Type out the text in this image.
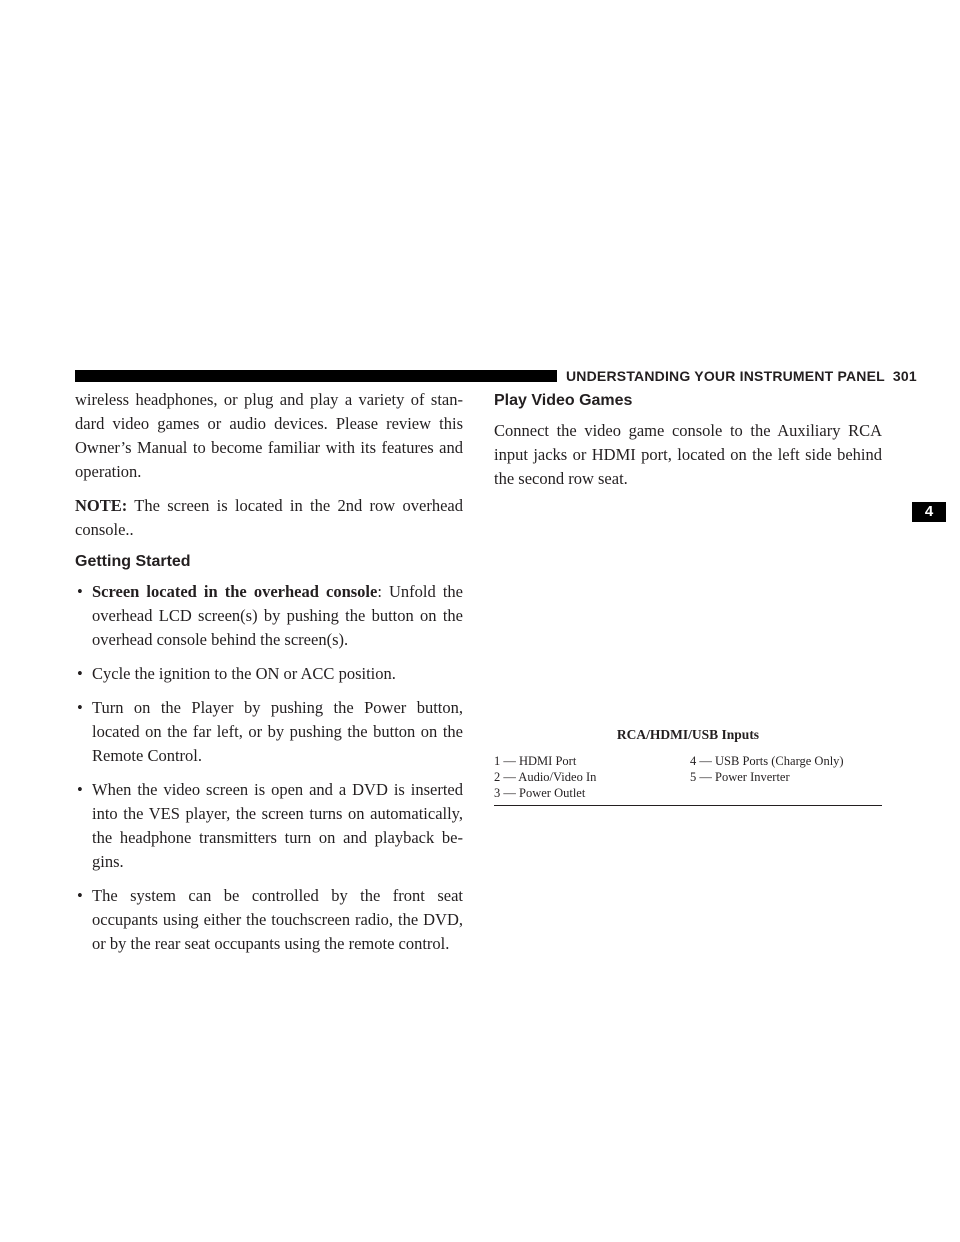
UNDERSTANDING YOUR INSTRUMENT PANEL 301
4

wireless headphones, or plug and play a variety of stan-dard video games or audio devices. Please review this Owner’s Manual to become familiar with its features and operation.

NOTE: The screen is located in the 2nd row overhead console..

Getting Started
• Screen located in the overhead console: Unfold the overhead LCD screen(s) by pushing the button on the overhead console behind the screen(s).
• Cycle the ignition to the ON or ACC position.
• Turn on the Player by pushing the Power button, located on the far left, or by pushing the button on the Remote Control.
• When the video screen is open and a DVD is inserted into the VES player, the screen turns on automatically, the headphone transmitters turn on and playback be-gins.
• The system can be controlled by the front seat occupants using either the touchscreen radio, the DVD, or by the rear seat occupants using the remote control.
Play Video Games

Connect the video game console to the Auxiliary RCA input jacks or HDMI port, located on the left side behind the second row seat.

RCA/HDMI/USB Inputs
1 — HDMI Port	4 — USB Ports (Charge Only)
2 — Audio/Video In	5 — Power Inverter
3 — Power Outlet
